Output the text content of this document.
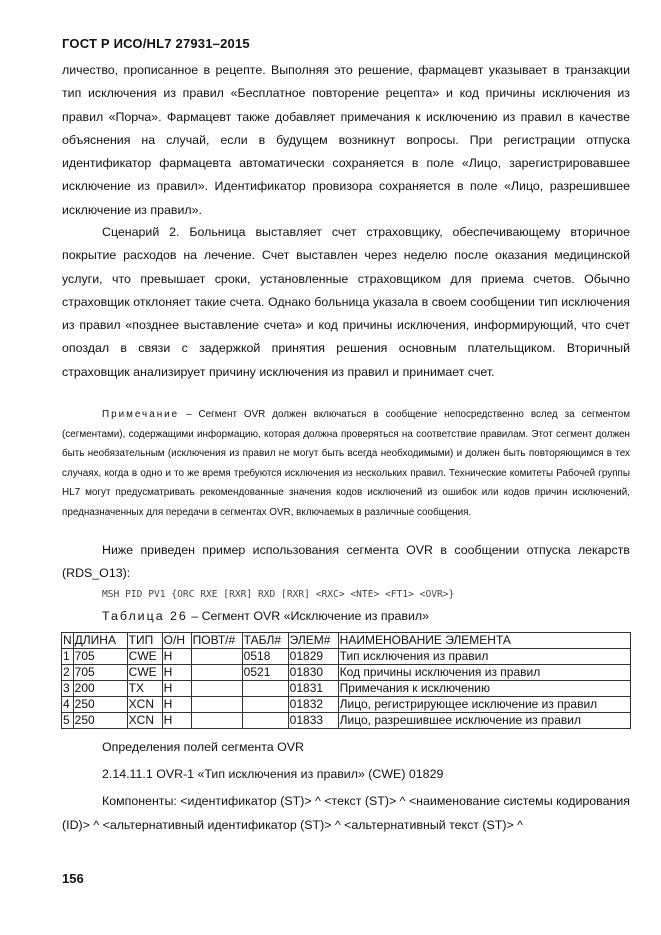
ГОСТ Р ИСО/HL7 27931–2015
личество, прописанное в рецепте. Выполняя это решение, фармацевт указывает в транзакции тип исключения из правил «Бесплатное повторение рецепта» и код причины исключения из правил «Порча». Фармацевт также добавляет примечания к исключению из правил в качестве объяснения на случай, если в будущем возникнут вопросы. При регистрации отпуска идентификатор фармацевта автоматически сохраняется в поле «Лицо, зарегистрировавшее исключение из правил». Идентификатор провизора сохраняется в поле «Лицо, разрешившее исключение из правил».
Сценарий 2. Больница выставляет счет страховщику, обеспечивающему вторичное покрытие расходов на лечение. Счет выставлен через неделю после оказания медицинской услуги, что превышает сроки, установленные страховщиком для приема счетов. Обычно страховщик отклоняет такие счета. Однако больница указала в своем сообщении тип исключения из правил «позднее выставление счета» и код причины исключения, информирующий, что счет опоздал в связи с задержкой принятия решения основным плательщиком. Вторичный страховщик анализирует причину исключения из правил и принимает счет.
Примечание – Сегмент OVR должен включаться в сообщение непосредственно вслед за сегментом (сегментами), содержащими информацию, которая должна проверяться на соответствие правилам. Этот сегмент должен быть необязательным (исключения из правил не могут быть всегда необходимыми) и должен быть повторяющимся в тех случаях, когда в одно и то же время требуются исключения из нескольких правил. Технические комитеты Рабочей группы HL7 могут предусматривать рекомендованные значения кодов исключений из ошибок или кодов причин исключений, предназначенных для передачи в сегментах OVR, включаемых в различные сообщения.
Ниже приведен пример использования сегмента OVR в сообщении отпуска лекарств (RDS_O13):
MSH PID PV1 {ORC RXE [RXR] RXD [RXR] <RXC> <NTE> <FT1> <OVR>}
Таблица 26 – Сегмент OVR «Исключение из правил»
N	ДЛИНА	ТИП	О/Н	ПОВТ/#	ТАБЛ#	ЭЛЕМ#	НАИМЕНОВАНИЕ ЭЛЕМЕНТА
1	705	CWE	H		0518	01829	Тип исключения из правил
2	705	CWE	H		0521	01830	Код причины исключения из правил
3	200	TX	H			01831	Примечания к исключению
4	250	XCN	H			01832	Лицо, регистрирующее исключение из правил
5	250	XCN	H			01833	Лицо, разрешившее исключение из правил
Определения полей сегмента OVR
2.14.11.1 OVR-1 «Тип исключения из правил» (CWE) 01829
Компоненты: <идентификатор (ST)> ^ <текст (ST)> ^ <наименование системы кодирования (ID)> ^ <альтернативный идентификатор (ST)> ^ <альтернативный текст (ST)> ^
156
